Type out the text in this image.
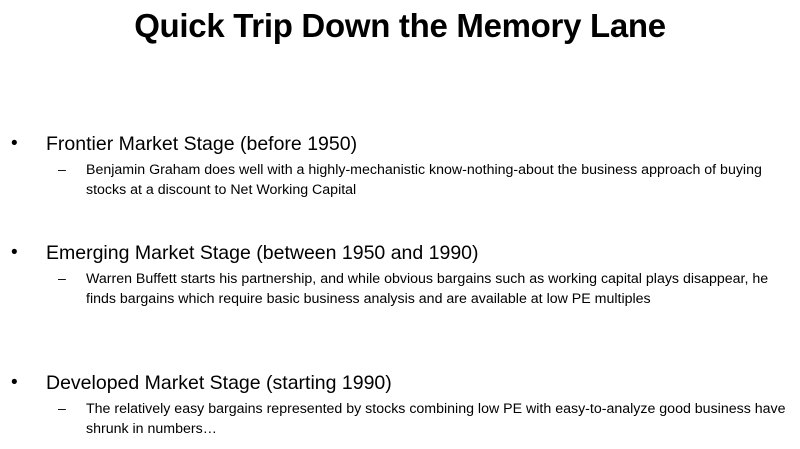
Quick Trip Down the Memory Lane
• Frontier Market Stage (before 1950)
– Benjamin Graham does well with a highly-mechanistic know-nothing-about the business approach of buying stocks at a discount to Net Working Capital
• Emerging Market Stage (between 1950 and 1990)
– Warren Buffett starts his partnership, and while obvious bargains such as working capital plays disappear, he finds bargains which require basic business analysis and are available at low PE multiples
• Developed Market Stage (starting 1990)
– The relatively easy bargains represented by stocks combining low PE with easy-to-analyze good business have shrunk in numbers…
